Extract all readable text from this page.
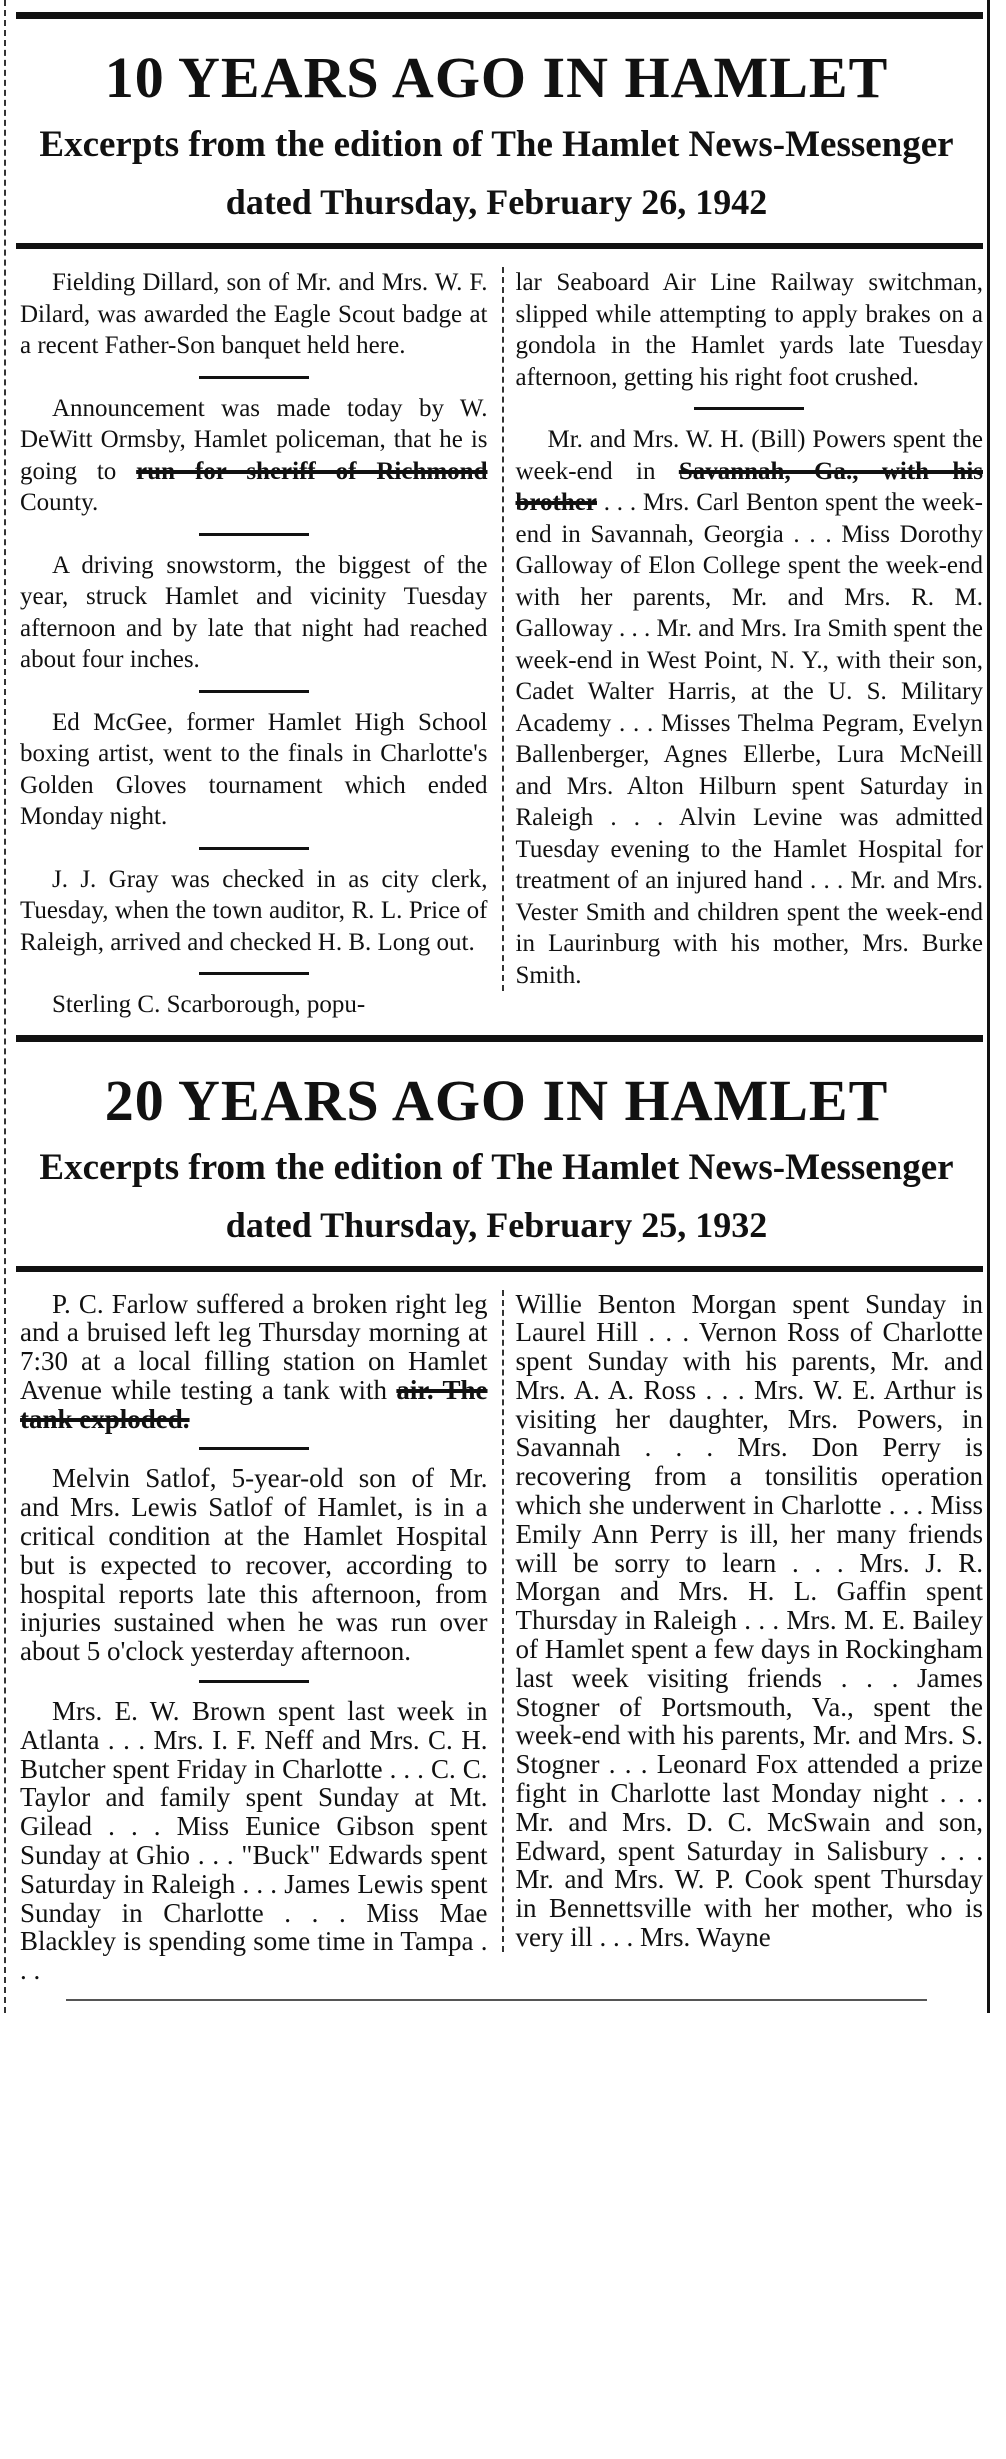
10 YEARS AGO IN HAMLET
Excerpts from the edition of The Hamlet News-Messenger
dated Thursday, February 26, 1942

Fielding Dillard, son of Mr. and Mrs. W. F. Dilard, was awarded the Eagle Scout badge at a recent Father-Son banquet held here.

Announcement was made today by W. DeWitt Ormsby, Hamlet policeman, that he is going to run for sheriff of Richmond County.

A driving snowstorm, the biggest of the year, struck Hamlet and vicinity Tuesday afternoon and by late that night had reached about four inches.

Ed McGee, former Hamlet High School boxing artist, went to the finals in Charlotte's Golden Gloves tournament which ended Monday night.

J. J. Gray was checked in as city clerk, Tuesday, when the town auditor, R. L. Price of Raleigh, arrived and checked H. B. Long out.

Sterling C. Scarborough, popu-

lar Seaboard Air Line Railway switchman, slipped while attempting to apply brakes on a gondola in the Hamlet yards late Tuesday afternoon, getting his right foot crushed.

Mr. and Mrs. W. H. (Bill) Powers spent the week-end in Savannah, Ga., with his brother . . . Mrs. Carl Benton spent the week-end in Savannah, Georgia . . . Miss Dorothy Galloway of Elon College spent the week-end with her parents, Mr. and Mrs. R. M. Galloway . . . Mr. and Mrs. Ira Smith spent the week-end in West Point, N. Y., with their son, Cadet Walter Harris, at the U. S. Military Academy . . . Misses Thelma Pegram, Evelyn Ballenberger, Agnes Ellerbe, Lura McNeill and Mrs. Alton Hilburn spent Saturday in Raleigh . . . Alvin Levine was admitted Tuesday evening to the Hamlet Hospital for treatment of an injured hand . . . Mr. and Mrs. Vester Smith and children spent the week-end in Laurinburg with his mother, Mrs. Burke Smith.

20 YEARS AGO IN HAMLET
Excerpts from the edition of The Hamlet News-Messenger
dated Thursday, February 25, 1932

P. C. Farlow suffered a broken right leg and a bruised left leg Thursday morning at 7:30 at a local filling station on Hamlet Avenue while testing a tank with air. The tank exploded.

Melvin Satlof, 5-year-old son of Mr. and Mrs. Lewis Satlof of Hamlet, is in a critical condition at the Hamlet Hospital but is expected to recover, according to hospital reports late this afternoon, from injuries sustained when he was run over about 5 o'clock yesterday afternoon.

Mrs. E. W. Brown spent last week in Atlanta . . . Mrs. I. F. Neff and Mrs. C. H. Butcher spent Friday in Charlotte . . . C. C. Taylor and family spent Sunday at Mt. Gilead . . . Miss Eunice Gibson spent Sunday at Ghio . . . "Buck" Edwards spent Saturday in Raleigh . . . James Lewis spent Sunday in Charlotte . . . Miss Mae Blackley is spending some time in Tampa . . .

Willie Benton Morgan spent Sunday in Laurel Hill . . . Vernon Ross of Charlotte spent Sunday with his parents, Mr. and Mrs. A. A. Ross . . . Mrs. W. E. Arthur is visiting her daughter, Mrs. Powers, in Savannah . . . Mrs. Don Perry is recovering from a tonsilitis operation which she underwent in Charlotte . . . Miss Emily Ann Perry is ill, her many friends will be sorry to learn . . . Mrs. J. R. Morgan and Mrs. H. L. Gaffin spent Thursday in Raleigh . . . Mrs. M. E. Bailey of Hamlet spent a few days in Rockingham last week visiting friends . . . James Stogner of Portsmouth, Va., spent the week-end with his parents, Mr. and Mrs. S. Stogner . . . Leonard Fox attended a prize fight in Charlotte last Monday night . . . Mr. and Mrs. D. C. McSwain and son, Edward, spent Saturday in Salisbury . . . Mr. and Mrs. W. P. Cook spent Thursday in Bennettsville with her mother, who is very ill . . . Mrs. Wayne
